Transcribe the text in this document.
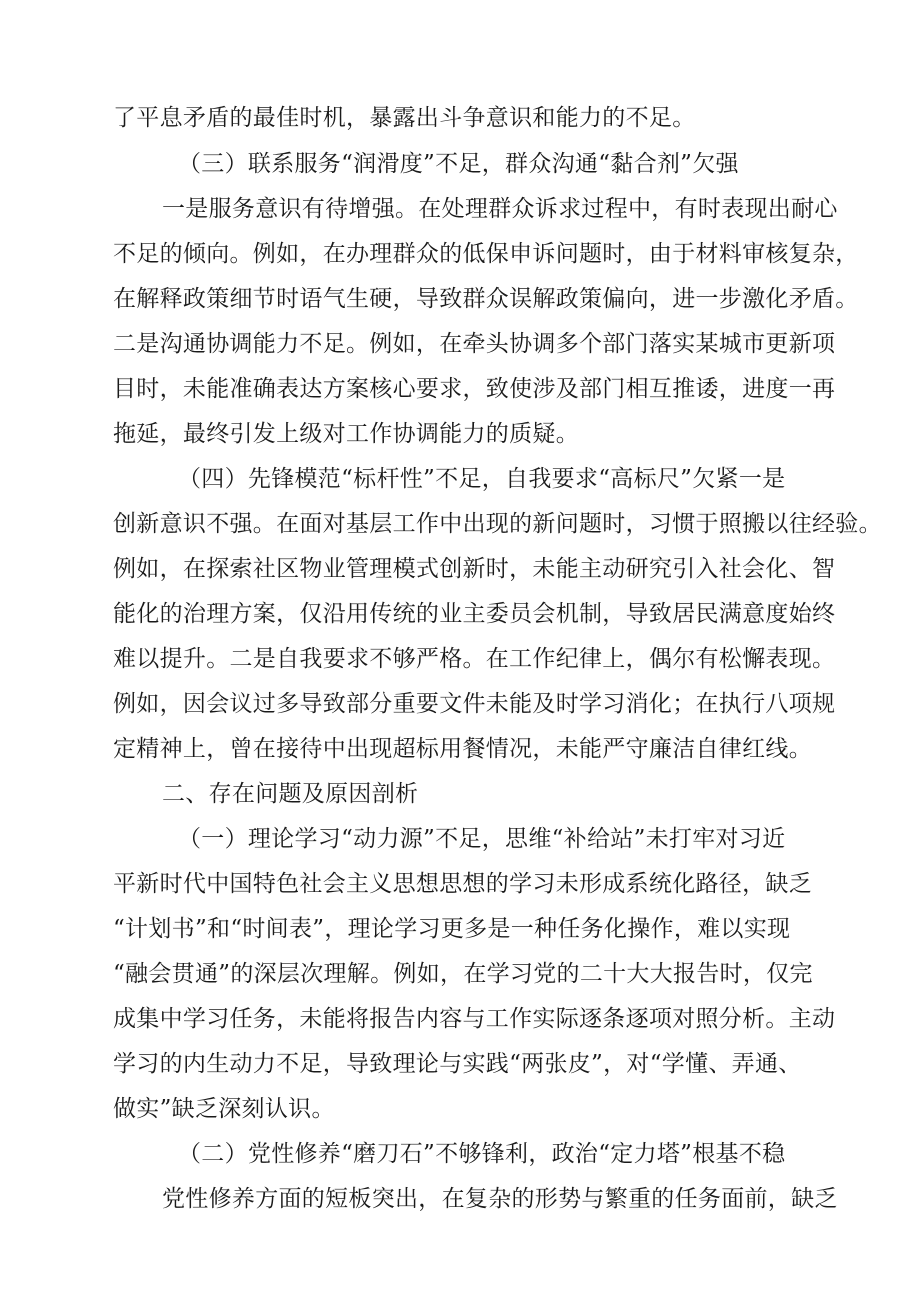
了平息矛盾的最佳时机，暴露出斗争意识和能力的不足。
（三）联系服务“润滑度”不足，群众沟通“黏合剂”欠强
一是服务意识有待增强。在处理群众诉求过程中，有时表现出耐心
不足的倾向。例如，在办理群众的低保申诉问题时，由于材料审核复杂，
在解释政策细节时语气生硬，导致群众误解政策偏向，进一步激化矛盾。
二是沟通协调能力不足。例如，在牵头协调多个部门落实某城市更新项
目时，未能准确表达方案核心要求，致使涉及部门相互推诿，进度一再
拖延，最终引发上级对工作协调能力的质疑。
（四）先锋模范“标杆性”不足，自我要求“高标尺”欠紧一是
创新意识不强。在面对基层工作中出现的新问题时，习惯于照搬以往经验。
例如，在探索社区物业管理模式创新时，未能主动研究引入社会化、智
能化的治理方案，仅沿用传统的业主委员会机制，导致居民满意度始终
难以提升。二是自我要求不够严格。在工作纪律上，偶尔有松懈表现。
例如，因会议过多导致部分重要文件未能及时学习消化；在执行八项规
定精神上，曾在接待中出现超标用餐情况，未能严守廉洁自律红线。
二、存在问题及原因剖析
（一）理论学习“动力源”不足，思维“补给站”未打牢对习近
平新时代中国特色社会主义思想思想的学习未形成系统化路径，缺乏
“计划书”和“时间表”，理论学习更多是一种任务化操作，难以实现
“融会贯通”的深层次理解。例如，在学习党的二十大大报告时，仅完
成集中学习任务，未能将报告内容与工作实际逐条逐项对照分析。主动
学习的内生动力不足，导致理论与实践“两张皮”，对“学懂、弄通、
做实”缺乏深刻认识。
（二）党性修养“磨刀石”不够锋利，政治“定力塔”根基不稳
党性修养方面的短板突出，在复杂的形势与繁重的任务面前，缺乏
